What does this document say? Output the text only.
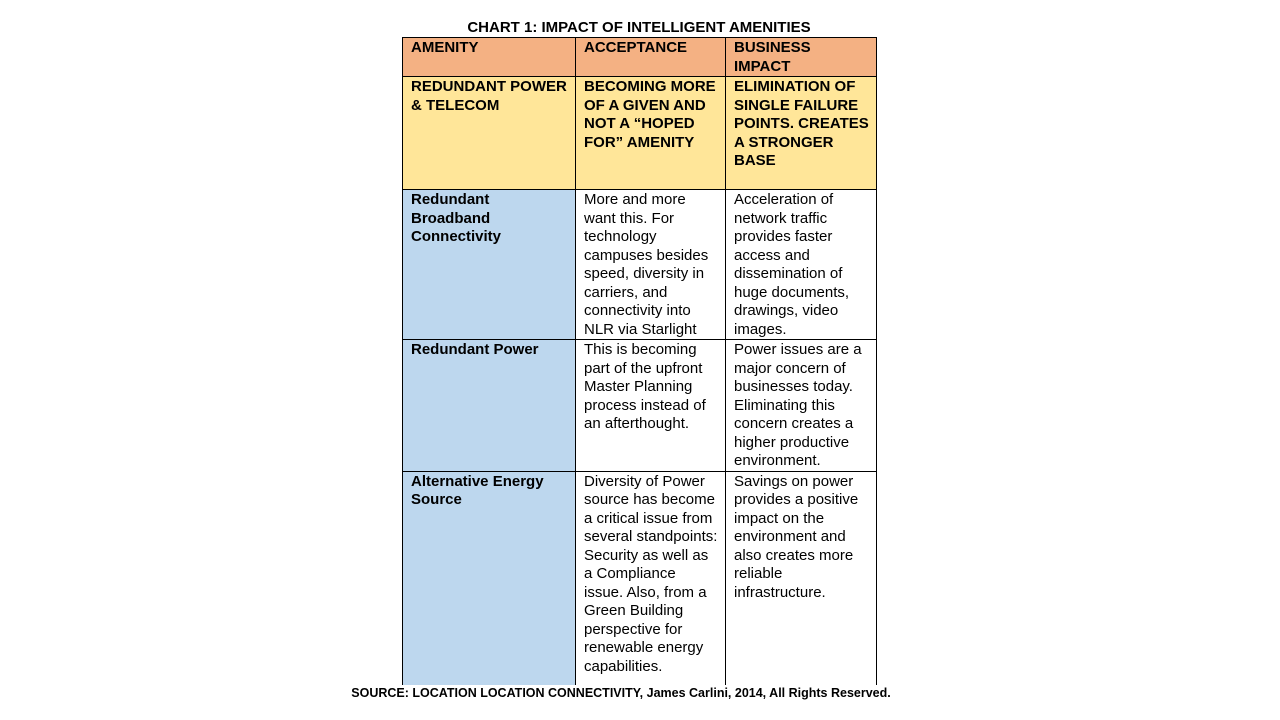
CHART 1: IMPACT OF INTELLIGENT AMENITIES
AMENITY	ACCEPTANCE	BUSINESS IMPACT
REDUNDANT POWER & TELECOM	BECOMING MORE OF A GIVEN AND NOT A “HOPED FOR” AMENITY	ELIMINATION OF SINGLE FAILURE POINTS. CREATES A STRONGER BASE
Redundant Broadband Connectivity	More and more want this. For technology campuses besides speed, diversity in carriers, and connectivity into NLR via Starlight	Acceleration of network traffic provides faster access and dissemination of huge documents, drawings, video images.
Redundant Power	This is becoming part of the upfront Master Planning process instead of an afterthought.	Power issues are a major concern of businesses today. Eliminating this concern creates a higher productive environment.
Alternative Energy Source	Diversity of Power source has become a critical issue from several standpoints: Security as well as a Compliance issue. Also, from a Green Building perspective for renewable energy capabilities.	Savings on power provides a positive impact on the environment and also creates more reliable infrastructure.
SOURCE: LOCATION LOCATION CONNECTIVITY, James Carlini, 2014, All Rights Reserved.
